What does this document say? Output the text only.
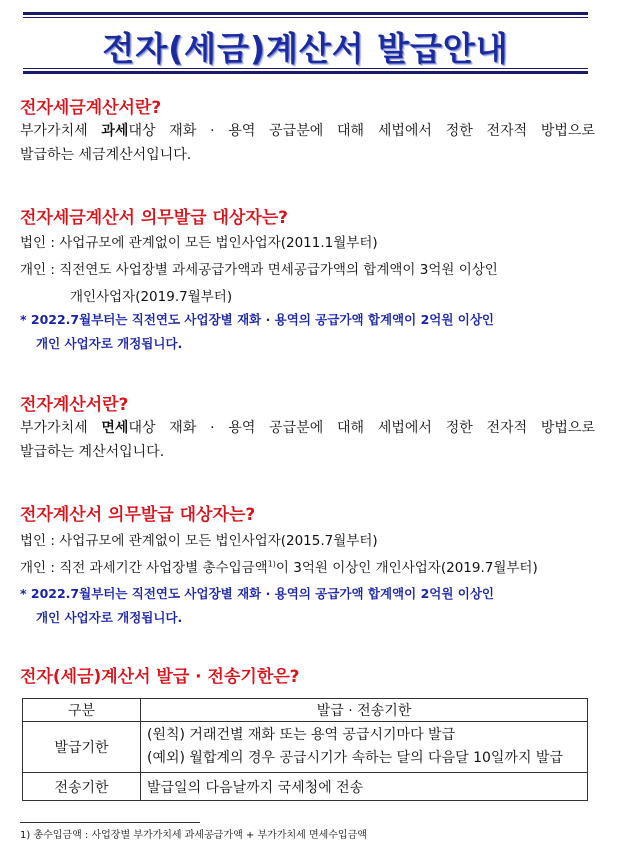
전자(세금)계산서 발급안내
전자세금계산서란?
부가가치세 과세대상 재화 · 용역 공급분에 대해 세법에서 정한 전자적 방법으로
발급하는 세금계산서입니다.
전자세금계산서 의무발급 대상자는?
법인 : 사업규모에 관계없이 모든 법인사업자(2011.1월부터)
개인 : 직전연도 사업장별 과세공급가액과 면세공급가액의 합계액이 3억원 이상인
개인사업자(2019.7월부터)
* 2022.7월부터는 직전연도 사업장별 재화 · 용역의 공급가액 합계액이 2억원 이상인
개인 사업자로 개정됩니다.
전자계산서란?
부가가치세 면세대상 재화 · 용역 공급분에 대해 세법에서 정한 전자적 방법으로
발급하는 계산서입니다.
전자계산서 의무발급 대상자는?
법인 : 사업규모에 관계없이 모든 법인사업자(2015.7월부터)
개인 : 직전 과세기간 사업장별 총수입금액$^{1)}$이 3억원 이상인 개인사업자(2019.7월부터)
* 2022.7월부터는 직전연도 사업장별 재화 · 용역의 공급가액 합계액이 2억원 이상인
개인 사업자로 개정됩니다.
전자(세금)계산서 발급 · 전송기한은?
구분	발급 · 전송기한
발급기한	(원칙) 거래건별 재화 또는 용역 공급시기마다 발급
(예외) 월합계의 경우 공급시기가 속하는 달의 다음달 10일까지 발급

전송기한	발급일의 다음날까지 국세청에 전송
1) 총수입금액 : 사업장별 부가가치세 과세공급가액 + 부가가치세 면세수입금액
